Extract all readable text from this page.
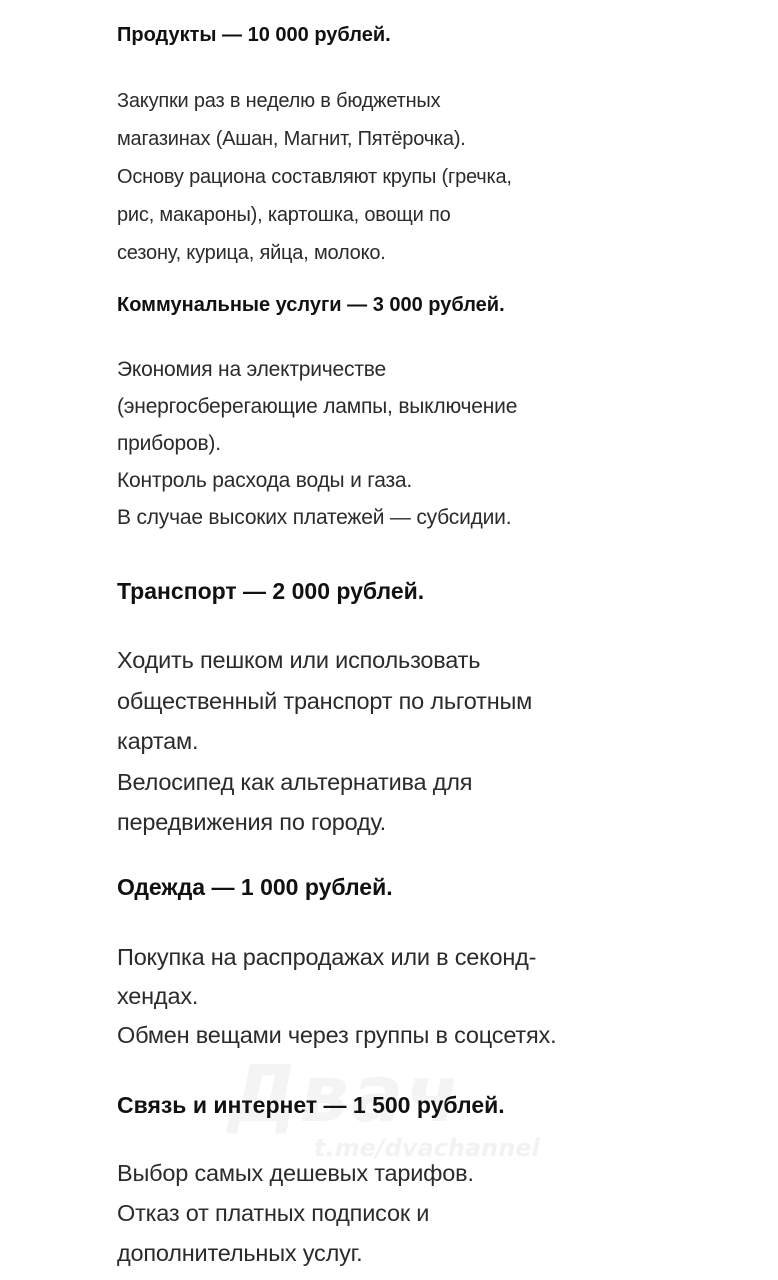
Продукты — 10 000 рублей.

Закупки раз в неделю в бюджетных

магазинах (Ашан, Магнит, Пятёрочка).

Основу рациона составляют крупы (гречка,

рис, макароны), картошка, овощи по

сезону, курица, яйца, молоко.

Коммунальные услуги — 3 000 рублей.

Экономия на электричестве

(энергосберегающие лампы, выключение

приборов).

Контроль расхода воды и газа.

В случае высоких платежей — субсидии.

Транспорт — 2 000 рублей.

Ходить пешком или использовать

общественный транспорт по льготным

картам.

Велосипед как альтернатива для

передвижения по городу.

Одежда — 1 000 рублей.

Покупка на распродажах или в секонд-

хендах.

Обмен вещами через группы в соцсетях.

Связь и интернет — 1 500 рублей.

Выбор самых дешевых тарифов.

Отказ от платных подписок и

дополнительных услуг.

t.me/dvachannel
